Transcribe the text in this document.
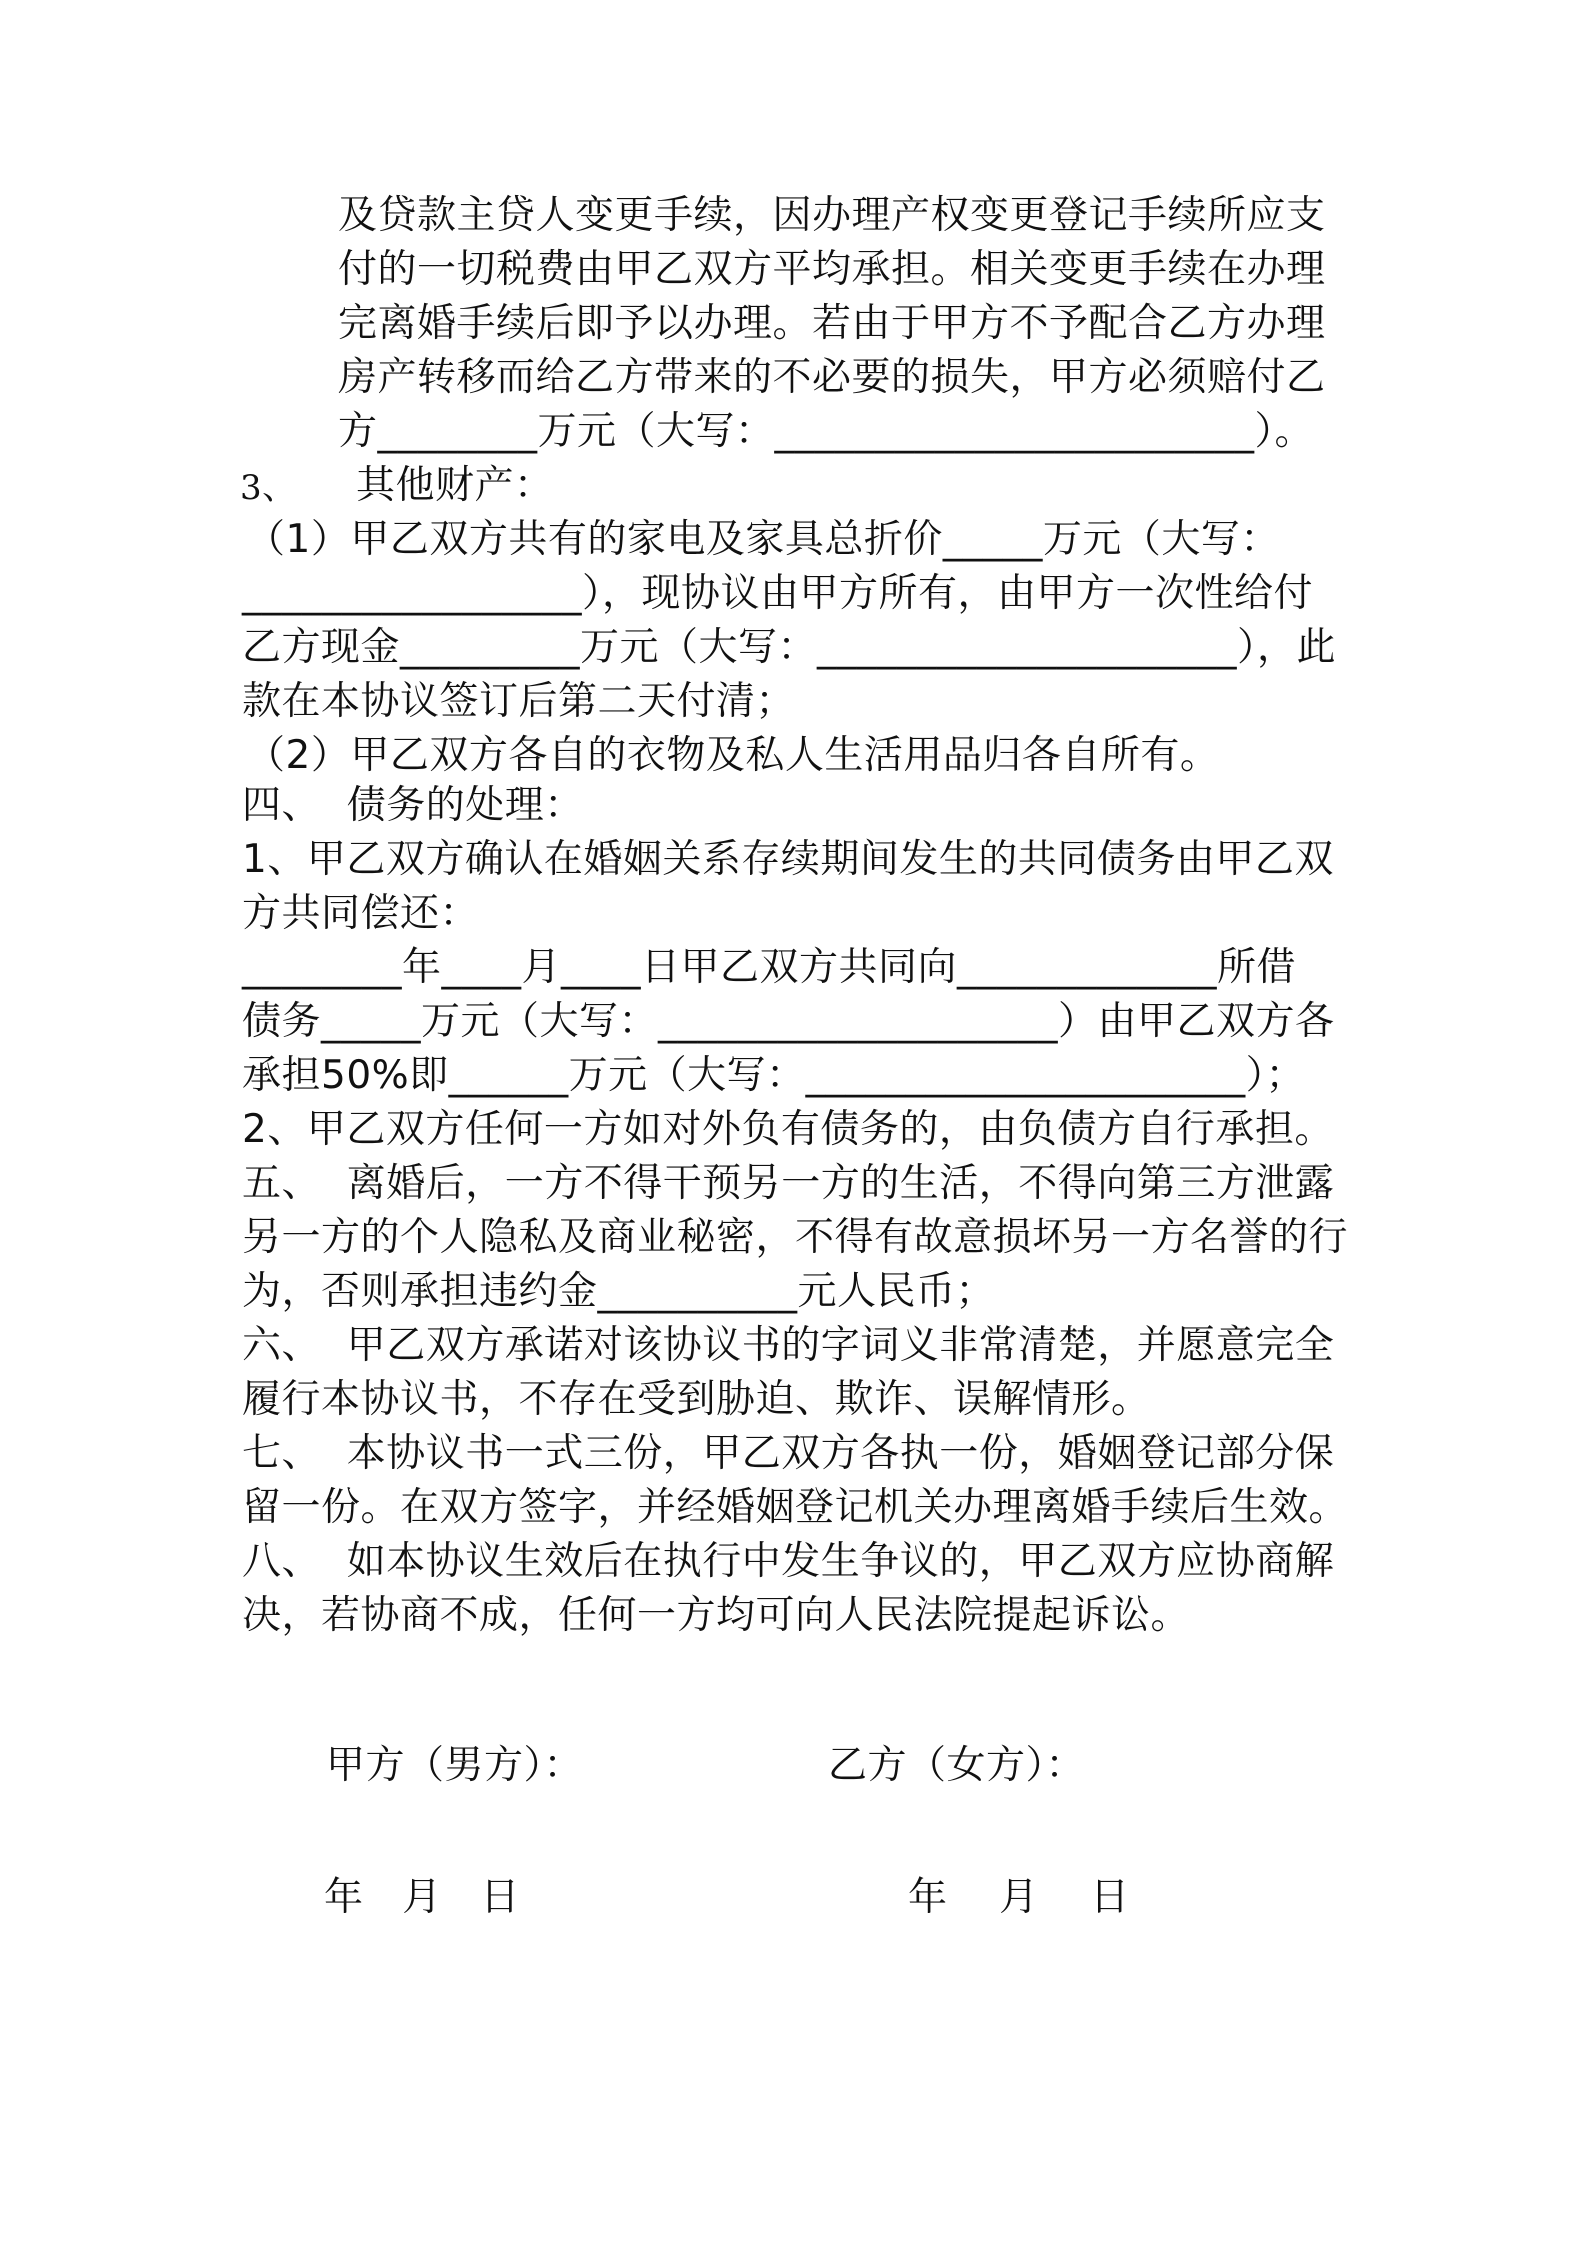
及贷款主贷人变更手续，因办理产权变更登记手续所应支
付的一切税费由甲乙双方平均承担。相关变更手续在办理
完离婚手续后即予以办理。若由于甲方不予配合乙方办理
房产转移而给乙方带来的不必要的损失，甲方必须赔付乙
方________万元（大写：________________________）。
3、 其他财产：
（1）甲乙双方共有的家电及家具总折价_____万元（大写：
_________________），现协议由甲方所有，由甲方一次性给付
乙方现金_________万元（大写：_____________________），此
款在本协议签订后第二天付清；
（2）甲乙双方各自的衣物及私人生活用品归各自所有。
四、  债务的处理：
1、甲乙双方确认在婚姻关系存续期间发生的共同债务由甲乙双
方共同偿还：
________年____月____日甲乙双方共同向_____________所借
债务_____万元（大写：____________________）由甲乙双方各
承担50%即______万元（大写：______________________）；
2、甲乙双方任何一方如对外负有债务的，由负债方自行承担。
五、  离婚后，一方不得干预另一方的生活，不得向第三方泄露
另一方的个人隐私及商业秘密，不得有故意损坏另一方名誉的行
为，否则承担违约金__________元人民币；
六、  甲乙双方承诺对该协议书的字词义非常清楚，并愿意完全
履行本协议书，不存在受到胁迫、欺诈、误解情形。
七、  本协议书一式三份，甲乙双方各执一份，婚姻登记部分保
留一份。在双方签字，并经婚姻登记机关办理离婚手续后生效。
八、  如本协议生效后在执行中发生争议的，甲乙双方应协商解
决，若协商不成，任何一方均可向人民法院提起诉讼。
甲方（男方）：	乙方（女方）：
年   月   日	年    月    日
